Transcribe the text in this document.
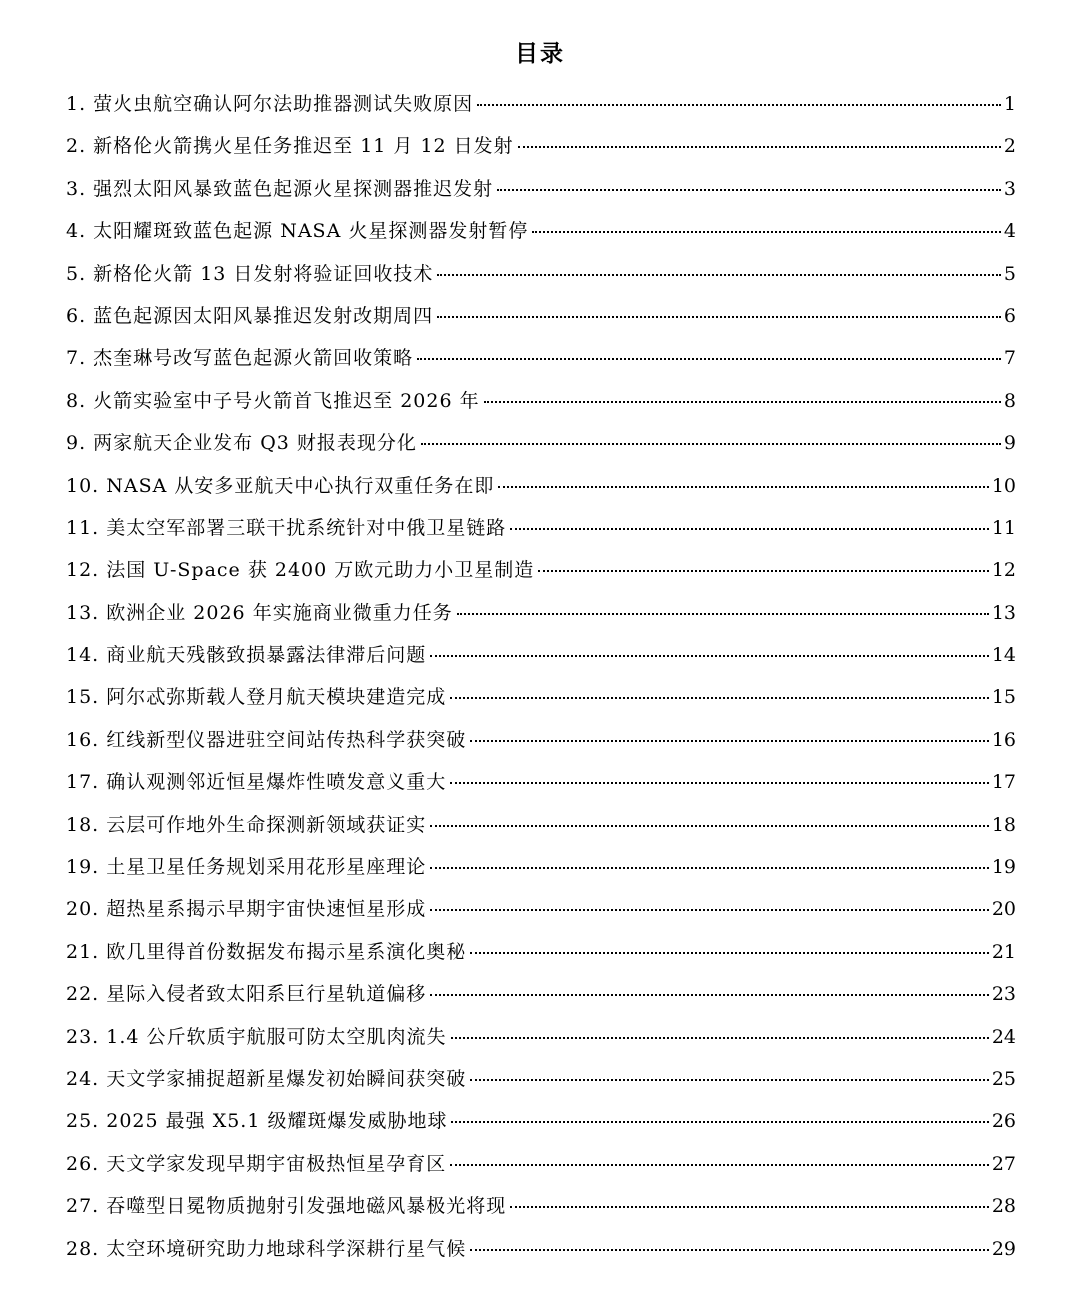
目录
1. 萤火虫航空确认阿尔法助推器测试失败原因	1
2. 新格伦火箭携火星任务推迟至 11 月 12 日发射	2
3. 强烈太阳风暴致蓝色起源火星探测器推迟发射	3
4. 太阳耀斑致蓝色起源 NASA 火星探测器发射暂停	4
5. 新格伦火箭 13 日发射将验证回收技术	5
6. 蓝色起源因太阳风暴推迟发射改期周四	6
7. 杰奎琳号改写蓝色起源火箭回收策略	7
8. 火箭实验室中子号火箭首飞推迟至 2026 年	8
9. 两家航天企业发布 Q3 财报表现分化	9
10. NASA 从安多亚航天中心执行双重任务在即	10
11. 美太空军部署三联干扰系统针对中俄卫星链路	11
12. 法国 U-Space 获 2400 万欧元助力小卫星制造	12
13. 欧洲企业 2026 年实施商业微重力任务	13
14. 商业航天残骸致损暴露法律滞后问题	14
15. 阿尔忒弥斯载人登月航天模块建造完成	15
16. 红线新型仪器进驻空间站传热科学获突破	16
17. 确认观测邻近恒星爆炸性喷发意义重大	17
18. 云层可作地外生命探测新领域获证实	18
19. 土星卫星任务规划采用花形星座理论	19
20. 超热星系揭示早期宇宙快速恒星形成	20
21. 欧几里得首份数据发布揭示星系演化奥秘	21
22. 星际入侵者致太阳系巨行星轨道偏移	23
23. 1.4 公斤软质宇航服可防太空肌肉流失	24
24. 天文学家捕捉超新星爆发初始瞬间获突破	25
25. 2025 最强 X5.1 级耀斑爆发威胁地球	26
26. 天文学家发现早期宇宙极热恒星孕育区	27
27. 吞噬型日冕物质抛射引发强地磁风暴极光将现	28
28. 太空环境研究助力地球科学深耕行星气候	29
